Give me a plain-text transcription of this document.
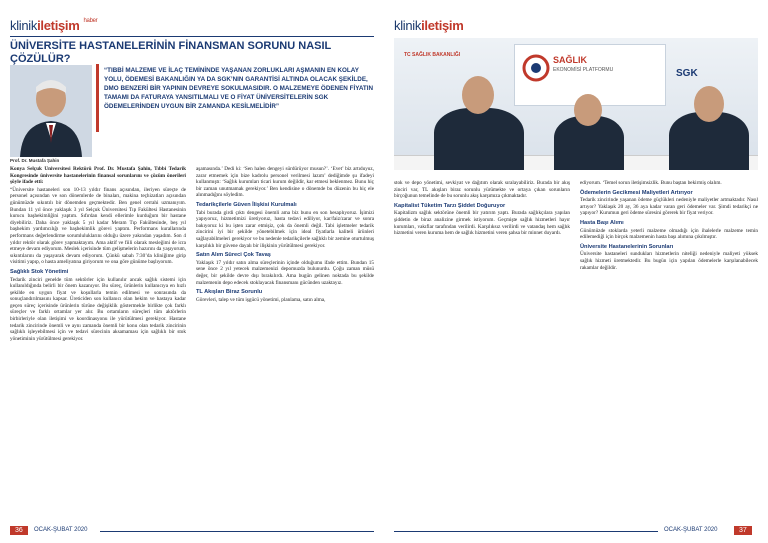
klinikiletişim $^{haber}$
ÜNİVERSİTE HASTANELERİNİN FİNANSMAN SORUNU NASIL ÇÖZÜLÜR?
Prof. Dr. Mustafa Şahin
“TIBBİ MALZEME VE İLAÇ TEMİNİNDE YAŞANAN ZORLUKLARI AŞMANIN EN KOLAY YOLU, ÖDEMESİ BAKANLIĞIN YA DA SGK’NIN GARANTİSİ ALTINDA OLACAK ŞEKİLDE, DMO BENZERİ BİR YAPININ DEVREYE SOKULMASIDIR. O MALZEMEYE ÖDENEN FİYATIN TAMAMI DA FATURAYA YANSITILMALI VE O FİYAT ÜNİVERSİTELERİN SGK ÖDEMELERİNDEN UYGUN BİR ZAMANDA KESİLMELİDİR”

Konya Selçuk Üniversitesi Rektörü Prof. Dr. Mustafa Şahin, Tıbbi Tedarik Kongresinde üniversite hastanelerinin finansal sorunlarını ve çözüm önerileri şöyle ifade etti:

“Üniversite hastaneleri son 10-13 yıldır finans açısından, ileriyen süreçte de personel açısından ve son dönemlerde de binaları, makina teçhizatları açısından günümüzde sıkıntılı bir dönemden geçmektedir. Ben genel cerrahi uzmanıyım. Bundan 11 yıl önce yaklaşık 3 yıl Selçuk Üniversitesi Tıp Fakültesi Hastanesinin kurucu başhekimliğini yaptım. Sıfırdan kendi ellerimle kurduğum bir hastane diyebiliriz. Daha önce yaklaşık 5 yıl kadar Meram Tıp Fakültesinde, beş yıl başhekim yardımcılığı ve başhekimlik görevi yaptım. Performans kurallarında performans değerlendirme sorumluluklarını olduğu üzere yakından yaşadım. Son 4 yıldır rektör olarak görev yapmaktayım. Ama aktif ve fiili olarak mesleğimi de icra etmeye devam ediyorum. Meslek içerisinde tüm gelişmelerin hazırını da yaşıyorum, sıkıntılarını da yaşayarak devam ediyorum. Çünkü sabah 7:30’da kliniğime girip visitimi yapıp, o hasta ameliyatına giriyorum ve ona göre günüme başlıyorum.

Sağlıklı Stok Yönetimi

Tedarik zinciri genelde tüm sektörler için kullanılır ancak sağlık sistemi için kullanıldığında belirli bir önem kazanıyor. Bu süreç, ürünlerin kullanıcıya en hızlı şekilde en uygun fiyat ve koşullarla temin edilmesi ve sonrasında da sonuçlandırılmasını kapsar. Üreticiden son kullanıcı olan hekim ve hastaya kadar geçen süreç içerisinde ürünlerin türüne değişiklik göstermekle birlikte çok farklı süreçler ve farklı ortamlar yer alır. Bu ortamların süreçleri tüm aktörlerin birbirleriyle olan iletişimi ve koordinasyonu ile yürütülmesi gerekiyor. Hastane tedarik zincirinde önemli ve aynı zamanda önemli bir konu olan tedarik zincirinin sağlıklı işleyebilmesi için ve tedavi sürecinin aksamaması için sağlıklı bir stok yönetiminin yürütülmesi gerekiyor.

aşamasında.’ Dedi ki: ‘Sen halen dengeyi sürdürüyor musun?’. ‘Evet’ biz artıduyuz, zarar etmemek için bize kadrolu personel verilmesi lazım’ dediğimde şu ifadeyi kullanmıştı: ‘Sağlık kurumları ticari kurum değildir, kar etmesi beklenmez. Bunu hiç bir zaman unutmamak gerekiyor.’ Ben kendisine o dönemde bu düzenin bu hiç ele alınmadığını söyledim.

Tedarikçilerle Güven İlişkisi Kurulmalı

Tabi burada girdi çıktı dengesi önemli ama biz bunu en son hesaplıyoruz. İşimizi yapıyoruz, hizmetimizi üretiyoruz, hasta tedavi ediliyor, kar/faiz/zarar ve sonra bakıyoruz ki bu işten zarar etmişiz, çok da önemli değil. Tabi işletmeler tedarik zincirini iyi bir şekilde yönetebilmek için ideal fiyatlarla kaliteli ürünleri sağlayabilmeleri gerekiyor ve bu nedenle tedarikçilerle sağlıklı bir zemine oturtulmuş karşılıklı bir güvene dayalı bir ilişkinin yürütülmesi gerekiyor.

Satın Alım Süreci Çok Tavaş

Yaklaşık 17 yıldır satın alma süreçlerinin içinde olduğumu ifade ettim. Bundan 15 sene önce 2 yıl yetecek malzemenizi depomuzda bulunurdu. Çoğu zaman müsü değer, bir şekilde devre dışı bırakılırdı. Ama bugün gelinen noktada bu şekilde malzemenin depo edecek stoklayacak finansmanı gücünden uzaktayız.

TL Akışları Biraz Sorunlu

Görevleri, talep ve tüm işgücü yönetimi, planlama, satın alma,

36	OCAK-ŞUBAT 2020
klinikiletişim
TC SAĞLIK BAKANLIĞI	SAĞLIK
EKONOMİSİ PLATFORMU	SGK

stok ve depo yönetimi, sevkiyat ve dağıtım olarak sıralayabiliriz. Burada bir akış zinciri var, TL akışları biraz sorunlu yürümekte ve ortaya çıkan sorunların birçoğunun temelinde de bu sorunlu akış karşımıza çıkmaktadır.

Kapitalist Tüketim Tarzı Şiddet Doğuruyor

Kapitalizm sağlık sektörüne önemli bir yatırım yaptı. Burada sağlıkçılara yapılan şiddetin de biraz analizine girmek istiyorum. Geçmişte sağlık hizmetleri hayır kurumları, vakıflar tarafından verilirdi. Karşılıksız verilirdi ve vatandaş hem sağlık hizmetini veren kuruma hem de sağlık hizmetini veren şahsa bir minnet duyardı.

ediyorum. ‘Temel sorun iletişimsizlik. Bunu baştan bekirmiş olalım.

Ödemelerin Gecikmesi Maliyetleri Artırıyor

Tedarik zincirinde yaşanan ödeme güçlükleri nedeniyle maliyetler artmaktadır. Nasıl artıyor? Yaklaşık 20 ay, 36 aya kadar varan geri ödemeler var. Şimdi tedarikçi ne yapıyor? Kurumun geri ödeme süresini görerek bir fiyat veriyor.

Hasta Başı Alımı

Günümüzde stoklarda yeterli malzeme olmadığı için ihalelerle malzeme temin edilemediği için birçok malzemenin hasta başı alımına çıkılmıştır.

Üniversite Hastanelerinin Sorunları

Üniversite hastaneleri sundukları hizmetlerin niteliği nedeniyle maliyeti yüksek sağlık hizmeti üretmektedir. Bu bugün için yapılan ödemelerle karşılanabilecek rakamlar değildir.

OCAK-ŞUBAT 2020	37
